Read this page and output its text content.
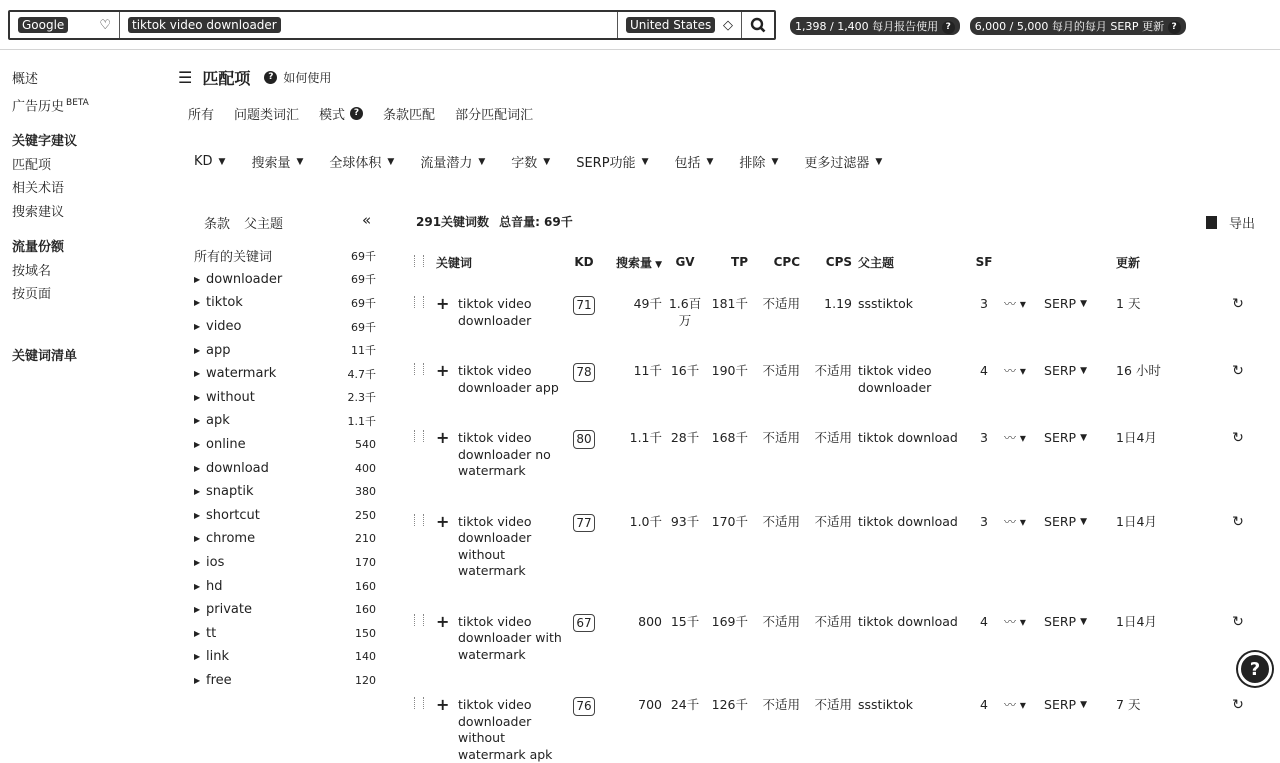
Google	♡	tiktok video downloader	United States ◇	1,398 / 1,400 每月报告使用 ?	6,000 / 5,000 每月的每月 SERP 更新 ?
概述
广告历史 $^{BETA}$
关键字建议
匹配项
相关术语
搜索建议
流量份额
按域名
按页面
关键词清单
☰ 匹配项	? 如何使用
所有 问题类词汇 模式 ? 条款匹配 部分匹配词汇
KD ▼ 搜索量 ▼ 全球体积 ▼ 流量潜力 ▼ 字数 ▼ SERP功能 ▼ 包括 ▼ 排除 ▼ 更多过滤器 ▼
条款 父主题	«
所有的关键词	69千
▶ downloader	69千
▶ tiktok	69千
▶ video	69千
▶ app	11千
▶ watermark	4.7千
▶ without	2.3千
▶ apk	1.1千
▶ online	540
▶ download	400
▶ snaptik	380
▶ shortcut	250
▶ chrome	210
▶ ios	170
▶ hd	160
▶ private	160
▶ tt	150
▶ link	140
▶ free	120
291关键词数 总音量: 69千	导出
	关键词		KD	搜索量 ▼	GV	TP	CPC	CPS	父主题	SF			更新	
	+	tiktok video downloader	71	49千	1.6百万	181千	不适用	1.19	ssstiktok	3	〰 ▾	SERP ▼	1 天	↻
	+	tiktok video downloader app	78	11千	16千	190千	不适用	不适用	tiktok video downloader	4	〰 ▾	SERP ▼	16 小时	↻
	+	tiktok video downloader no watermark	80	1.1千	28千	168千	不适用	不适用	tiktok download	3	〰 ▾	SERP ▼	1日4月	↻
	+	tiktok video downloader without watermark	77	1.0千	93千	170千	不适用	不适用	tiktok download	3	〰 ▾	SERP ▼	1日4月	↻
	+	tiktok video downloader with watermark	67	800	15千	169千	不适用	不适用	tiktok download	4	〰 ▾	SERP ▼	1日4月	↻
	+	tiktok video downloader without watermark apk	76	700	24千	126千	不适用	不适用	ssstiktok	4	〰 ▾	SERP ▼	7 天	↻
?
